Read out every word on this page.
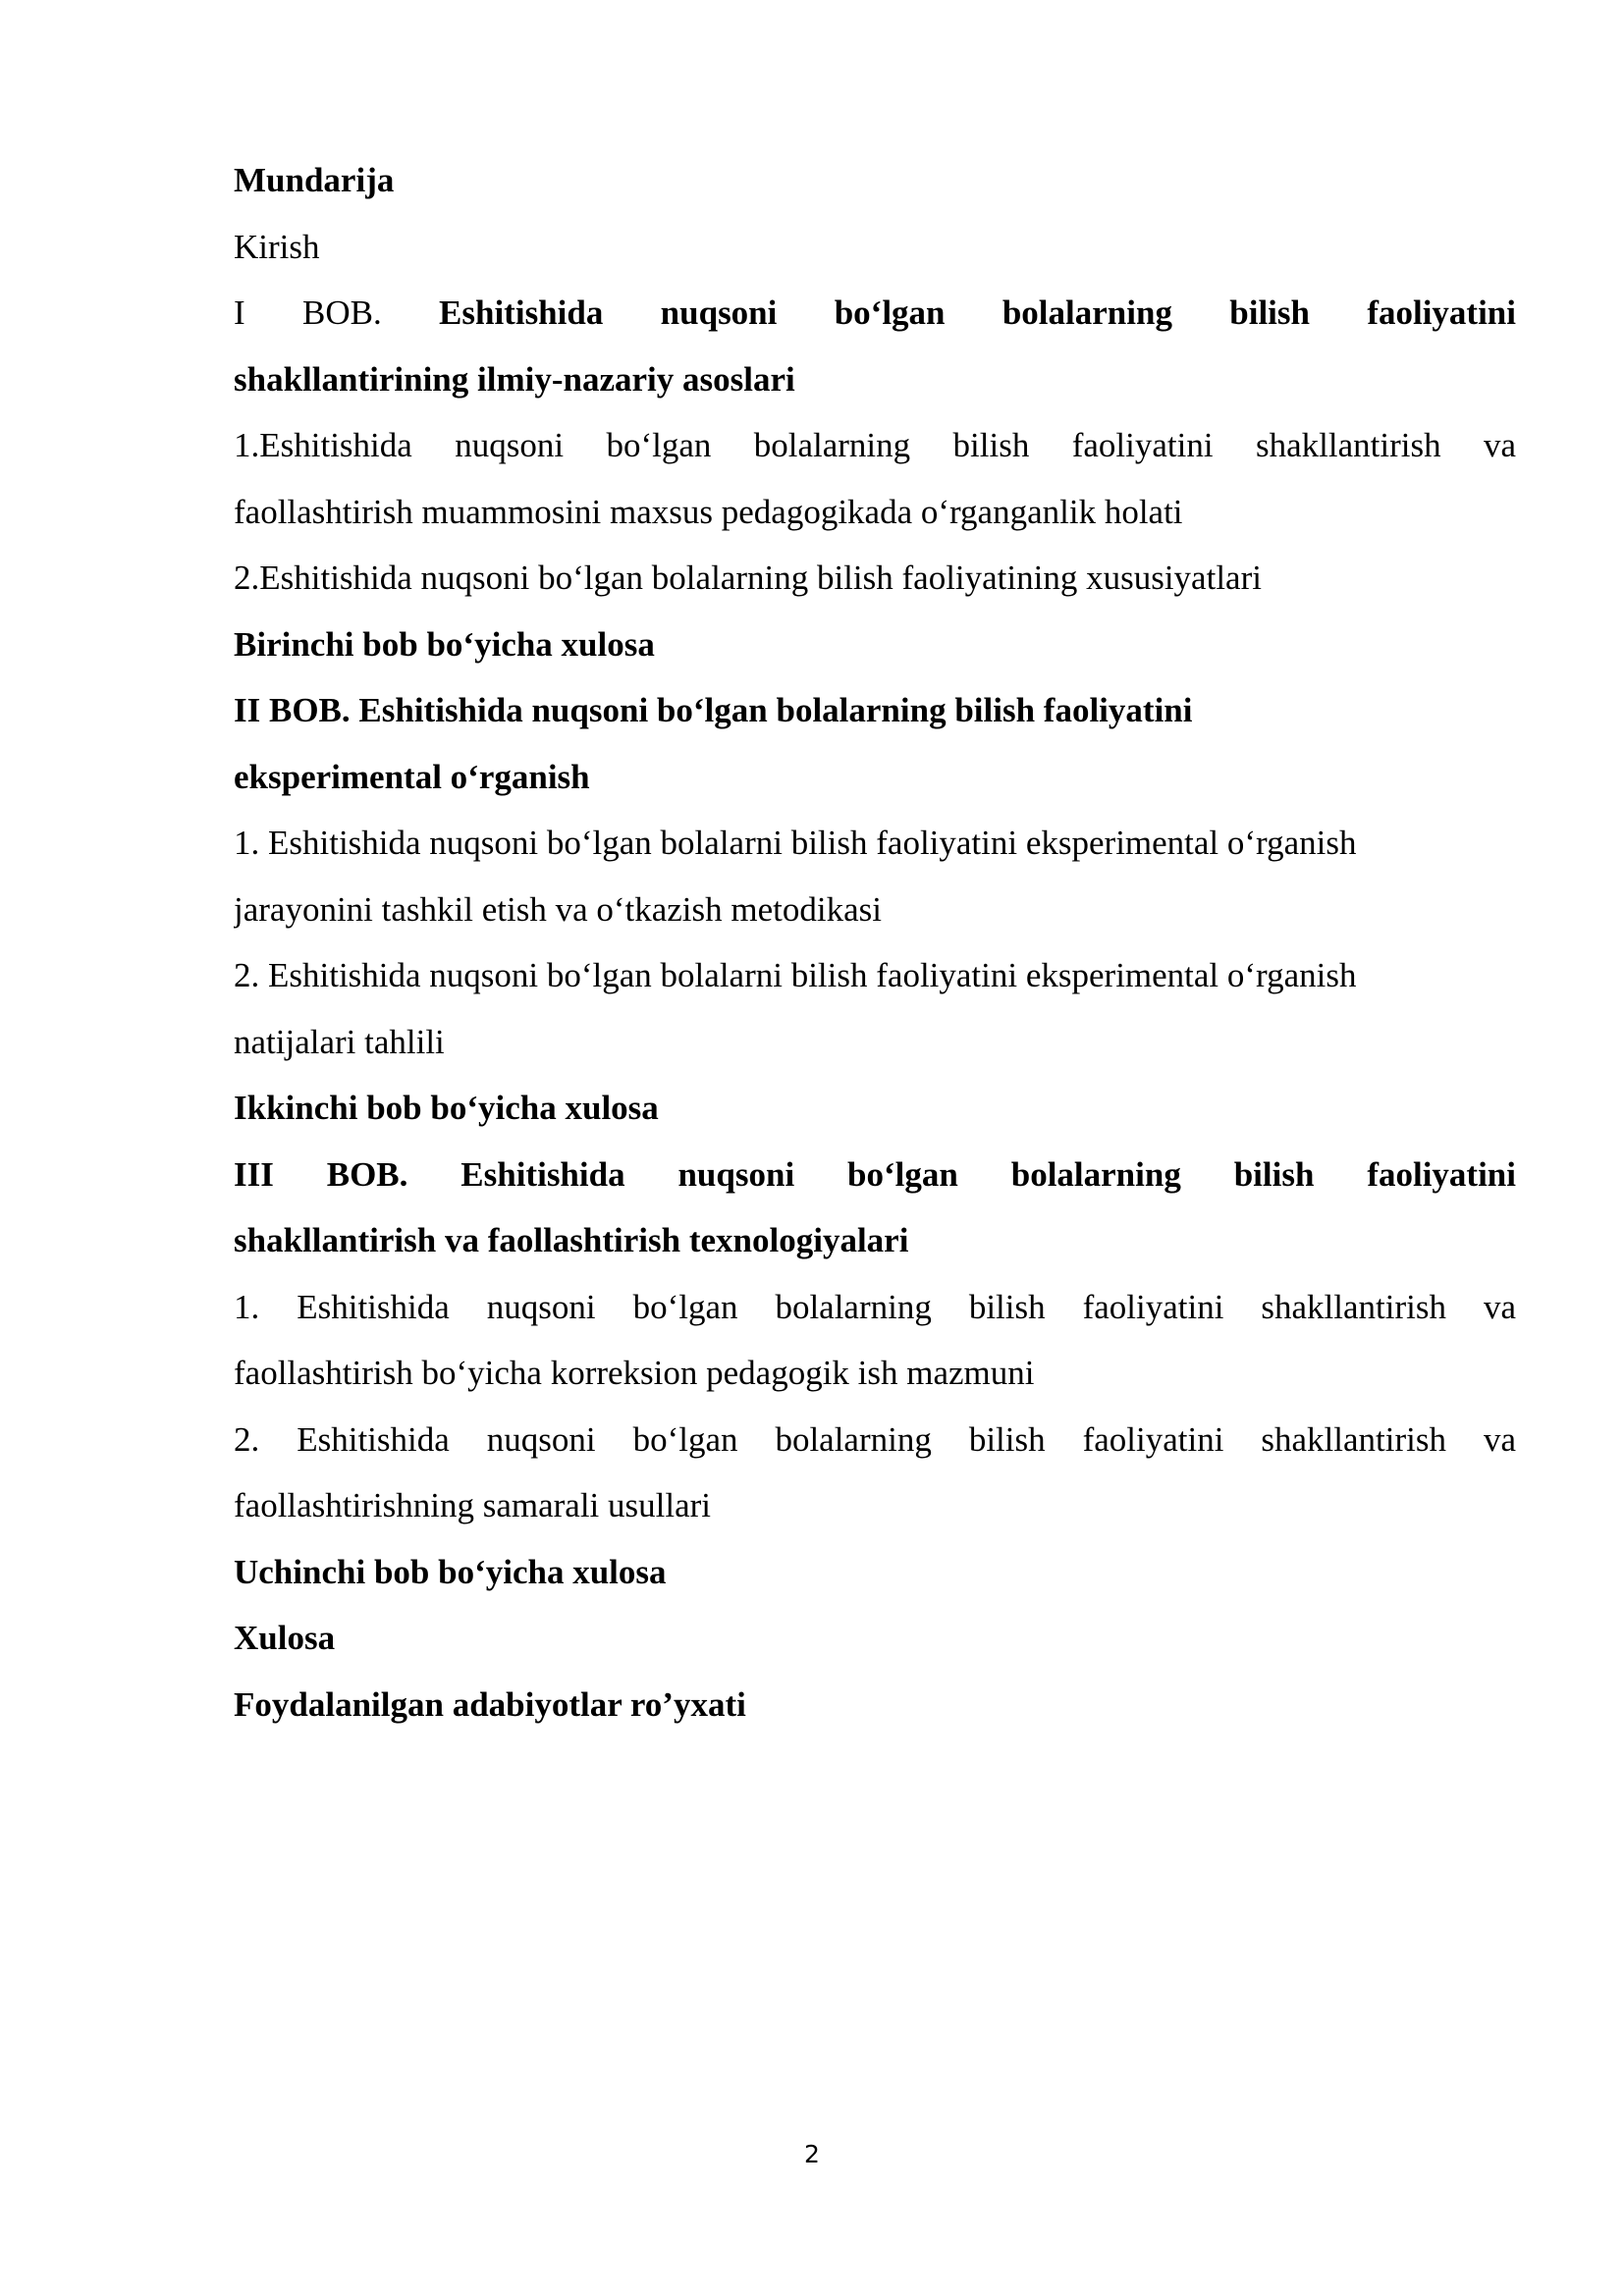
Mundarija
Kirish
I BOB. Eshitishida nuqsoni bo‘lgan bolalarning bilish faoliyatini
shakllantirining ilmiy-nazariy asoslari
1.Eshitishida nuqsoni bo‘lgan bolalarning bilish faoliyatini shakllantirish va
faollashtirish muammosini maxsus pedagogikada o‘rganganlik holati
2.Eshitishida nuqsoni bo‘lgan bolalarning bilish faoliyatining xususiyatlari
Birinchi bob bo‘yicha xulosa
II BOB. Eshitishida nuqsoni bo‘lgan bolalarning bilish faoliyatini
eksperimental o‘rganish
1. Eshitishida nuqsoni bo‘lgan bolalarni bilish faoliyatini eksperimental o‘rganish
jarayonini tashkil etish va o‘tkazish metodikasi
2. Eshitishida nuqsoni bo‘lgan bolalarni bilish faoliyatini eksperimental o‘rganish
natijalari tahlili
Ikkinchi bob bo‘yicha xulosa
III BOB. Eshitishida nuqsoni bo‘lgan bolalarning bilish faoliyatini
shakllantirish va faollashtirish texnologiyalari
1. Eshitishida nuqsoni bo‘lgan bolalarning bilish faoliyatini shakllantirish va
faollashtirish bo‘yicha korreksion pedagogik ish mazmuni
2. Eshitishida nuqsoni bo‘lgan bolalarning bilish faoliyatini shakllantirish va
faollashtirishning samarali usullari
Uchinchi bob bo‘yicha xulosa
Xulosa
Foydalanilgan adabiyotlar ro’yxati
2
